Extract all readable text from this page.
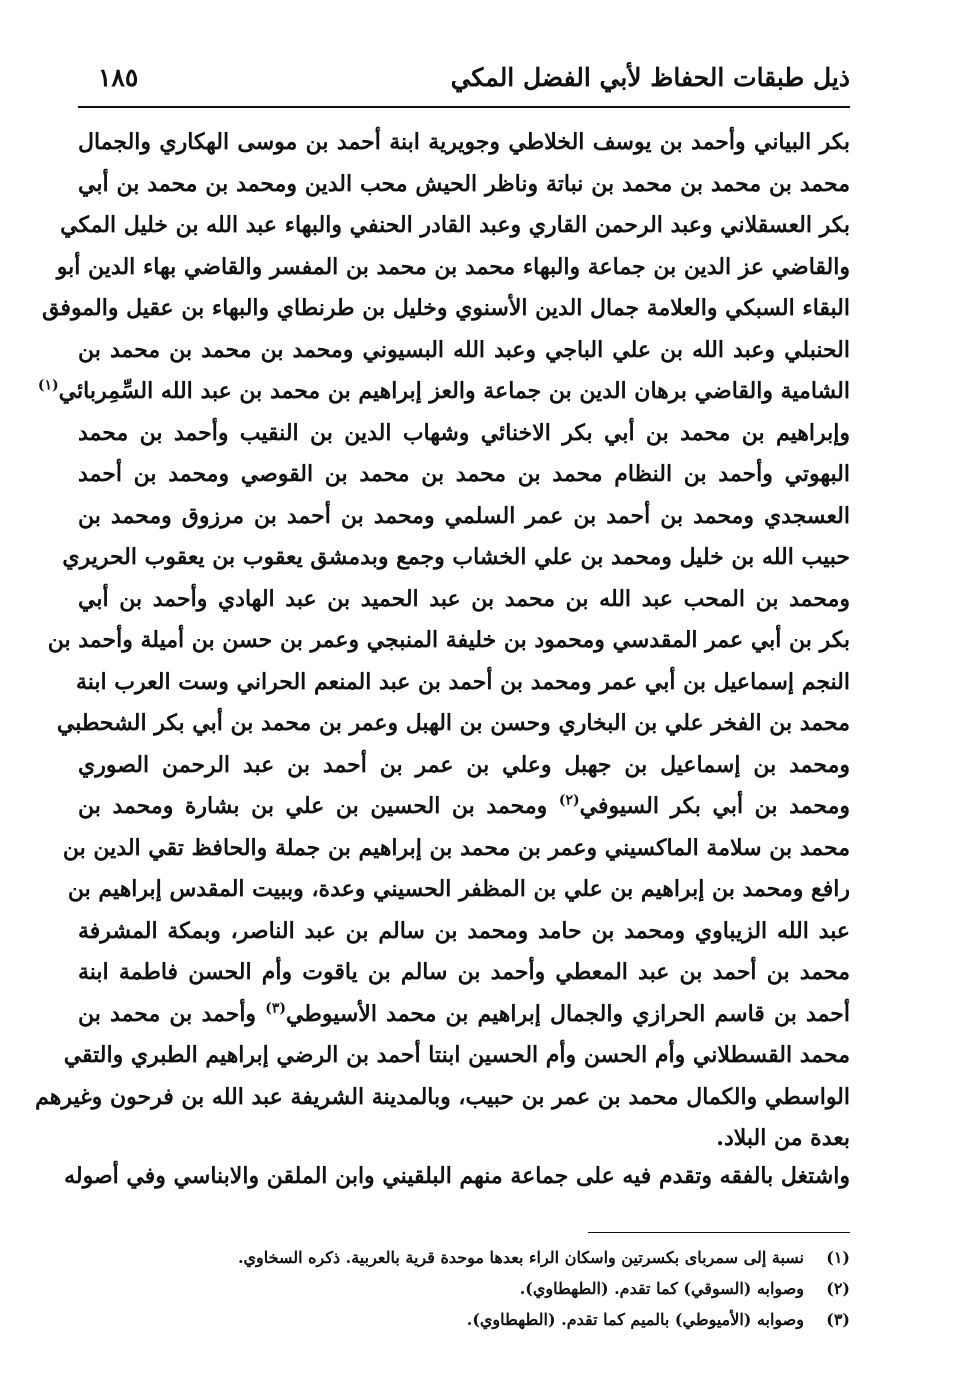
ذيل طبقات الحفاظ لأبي الفضل المكي
١٨٥
بكر البياني وأحمد بن يوسف الخلاطي وجويرية ابنة أحمد بن موسى الهكاري والجمال
محمد بن محمد بن محمد بن نباتة وناظر الحيش محب الدين ومحمد بن محمد بن أبي
بكر العسقلاني وعبد الرحمن القاري وعبد القادر الحنفي والبهاء عبد الله بن خليل المكي
والقاضي عز الدين بن جماعة والبهاء محمد بن محمد بن المفسر والقاضي بهاء الدين أبو
البقاء السبكي والعلامة جمال الدين الأسنوي وخليل بن طرنطاي والبهاء بن عقيل والموفق
الحنبلي وعبد الله بن علي الباجي وعبد الله البسيوني ومحمد بن محمد بن محمد بن
الشامية والقاضي برهان الدين بن جماعة والعز إبراهيم بن محمد بن عبد الله السِّمِربائي$^{(١)}$
وإبراهيم بن محمد بن أبي بكر الاخنائي وشهاب الدين بن النقيب وأحمد بن محمد
البهوتي وأحمد بن النظام محمد بن محمد بن محمد بن القوصي ومحمد بن أحمد
العسجدي ومحمد بن أحمد بن عمر السلمي ومحمد بن أحمد بن مرزوق ومحمد بن
حبيب الله بن خليل ومحمد بن علي الخشاب وجمع وبدمشق يعقوب بن يعقوب الحريري
ومحمد بن المحب عبد الله بن محمد بن عبد الحميد بن عبد الهادي وأحمد بن أبي
بكر بن أبي عمر المقدسي ومحمود بن خليفة المنبجي وعمر بن حسن بن أميلة وأحمد بن
النجم إسماعيل بن أبي عمر ومحمد بن أحمد بن عبد المنعم الحراني وست العرب ابنة
محمد بن الفخر علي بن البخاري وحسن بن الهبل وعمر بن محمد بن أبي بكر الشحطبي
ومحمد بن إسماعيل بن جهبل وعلي بن عمر بن أحمد بن عبد الرحمن الصوري
ومحمد بن أبي بكر السيوفي$^{(٢)}$ ومحمد بن الحسين بن علي بن بشارة ومحمد بن
محمد بن سلامة الماكسيني وعمر بن محمد بن إبراهيم بن جملة والحافظ تقي الدين بن
رافع ومحمد بن إبراهيم بن علي بن المظفر الحسيني وعدة، وببيت المقدس إبراهيم بن
عبد الله الزيباوي ومحمد بن حامد ومحمد بن سالم بن عبد الناصر، وبمكة المشرفة
محمد بن أحمد بن عبد المعطي وأحمد بن سالم بن ياقوت وأم الحسن فاطمة ابنة
أحمد بن قاسم الحرازي والجمال إبراهيم بن محمد الأسيوطي$^{(٣)}$ وأحمد بن محمد بن
محمد القسطلاني وأم الحسن وأم الحسين ابنتا أحمد بن الرضي إبراهيم الطبري والتقي
الواسطي والكمال محمد بن عمر بن حبيب، وبالمدينة الشريفة عبد الله بن فرحون وغيرهم
بعدة من البلاد.
واشتغل بالفقه وتقدم فيه على جماعة منهم البلقيني وابن الملقن والابناسي وفي أصوله
(١)
نسبة إلى سمربای بکسرتين واسکان الراء بعدها موحدة قرية بالعربية. ذكره السخاوي.
(٢)
وصوابه (السوقي) كما تقدم. (الطهطاوي).
(٣)
وصوابه (الأميوطي) بالميم كما تقدم. (الطهطاوي).
